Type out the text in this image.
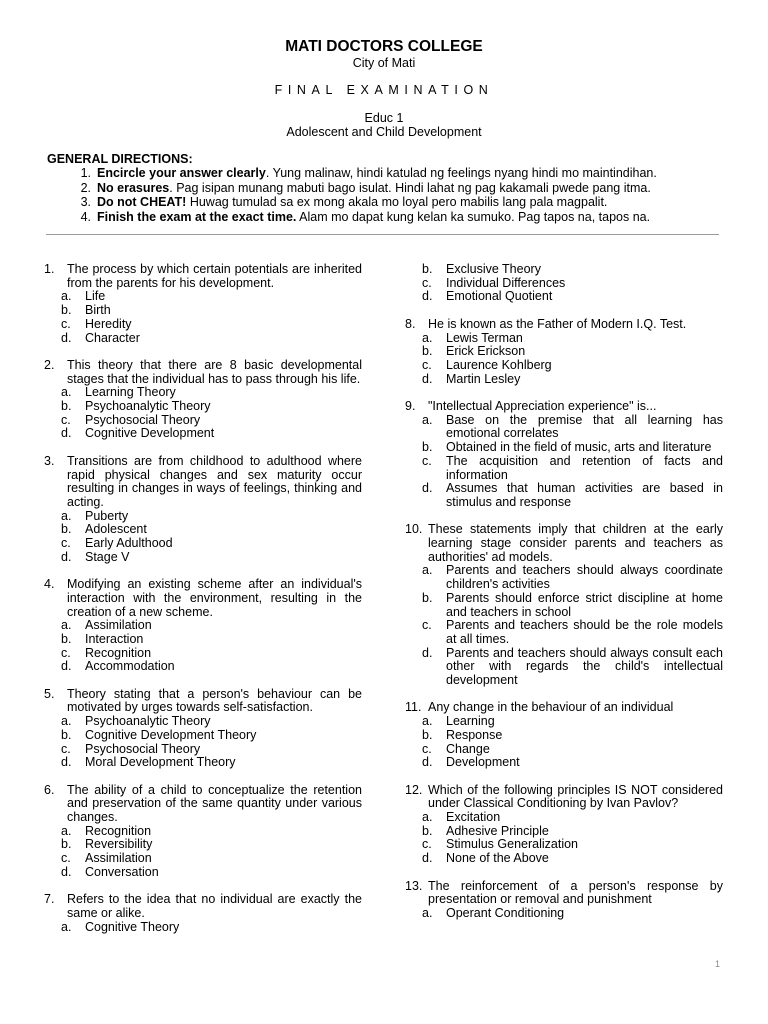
MATI DOCTORS COLLEGE
City of Mati
FINAL EXAMINATION
Educ 1
Adolescent and Child Development
GENERAL DIRECTIONS:
1. Encircle your answer clearly. Yung malinaw, hindi katulad ng feelings nyang hindi mo maintindihan.
2. No erasures. Pag isipan munang mabuti bago isulat. Hindi lahat ng pag kakamali pwede pang itma.
3. Do not CHEAT! Huwag tumulad sa ex mong akala mo loyal pero mabilis lang pala magpalit.
4. Finish the exam at the exact time. Alam mo dapat kung kelan ka sumuko. Pag tapos na, tapos na.
1.	The process by which certain potentials are inherited from the parents for his development.
a.	Life
b.	Birth
c.	Heredity
d.	Character
2.	This theory that there are 8 basic developmental stages that the individual has to pass through his life.
a.	Learning Theory
b.	Psychoanalytic Theory
c.	Psychosocial Theory
d.	Cognitive Development
3.	Transitions are from childhood to adulthood where rapid physical changes and sex maturity occur resulting in changes in ways of feelings, thinking and acting.
a.	Puberty
b.	Adolescent
c.	Early Adulthood
d.	Stage V
4.	Modifying an existing scheme after an individual's interaction with the environment, resulting in the creation of a new scheme.
a.	Assimilation
b.	Interaction
c.	Recognition
d.	Accommodation
5.	Theory stating that a person's behaviour can be motivated by urges towards self-satisfaction.
a.	Psychoanalytic Theory
b.	Cognitive Development Theory
c.	Psychosocial Theory
d.	Moral Development Theory
6.	The ability of a child to conceptualize the retention and preservation of the same quantity under various changes.
a.	Recognition
b.	Reversibility
c.	Assimilation
d.	Conversation
7.	Refers to the idea that no individual are exactly the same or alike.
a.	Cognitive Theory
b.	Exclusive Theory
c.	Individual Differences
d.	Emotional Quotient
8.	He is known as the Father of Modern I.Q. Test.
a.	Lewis Terman
b.	Erick Erickson
c.	Laurence Kohlberg
d.	Martin Lesley
9.	"Intellectual Appreciation experience" is...
a.	Base on the premise that all learning has emotional correlates
b.	Obtained in the field of music, arts and literature
c.	The acquisition and retention of facts and information
d.	Assumes that human activities are based in stimulus and response
10. These statements imply that children at the early learning stage consider parents and teachers as authorities' ad models.
a.	Parents and teachers should always coordinate children's activities
b.	Parents should enforce strict discipline at home and teachers in school
c.	Parents and teachers should be the role models at all times.
d.	Parents and teachers should always consult each other with regards the child's intellectual development
11. Any change in the behaviour of an individual
a.	Learning
b.	Response
c.	Change
d.	Development
12. Which of the following principles IS NOT considered under Classical Conditioning by Ivan Pavlov?
a.	Excitation
b.	Adhesive Principle
c.	Stimulus Generalization
d.	None of the Above
13. The reinforcement of a person's response by presentation or removal and punishment
a.	Operant Conditioning
1
